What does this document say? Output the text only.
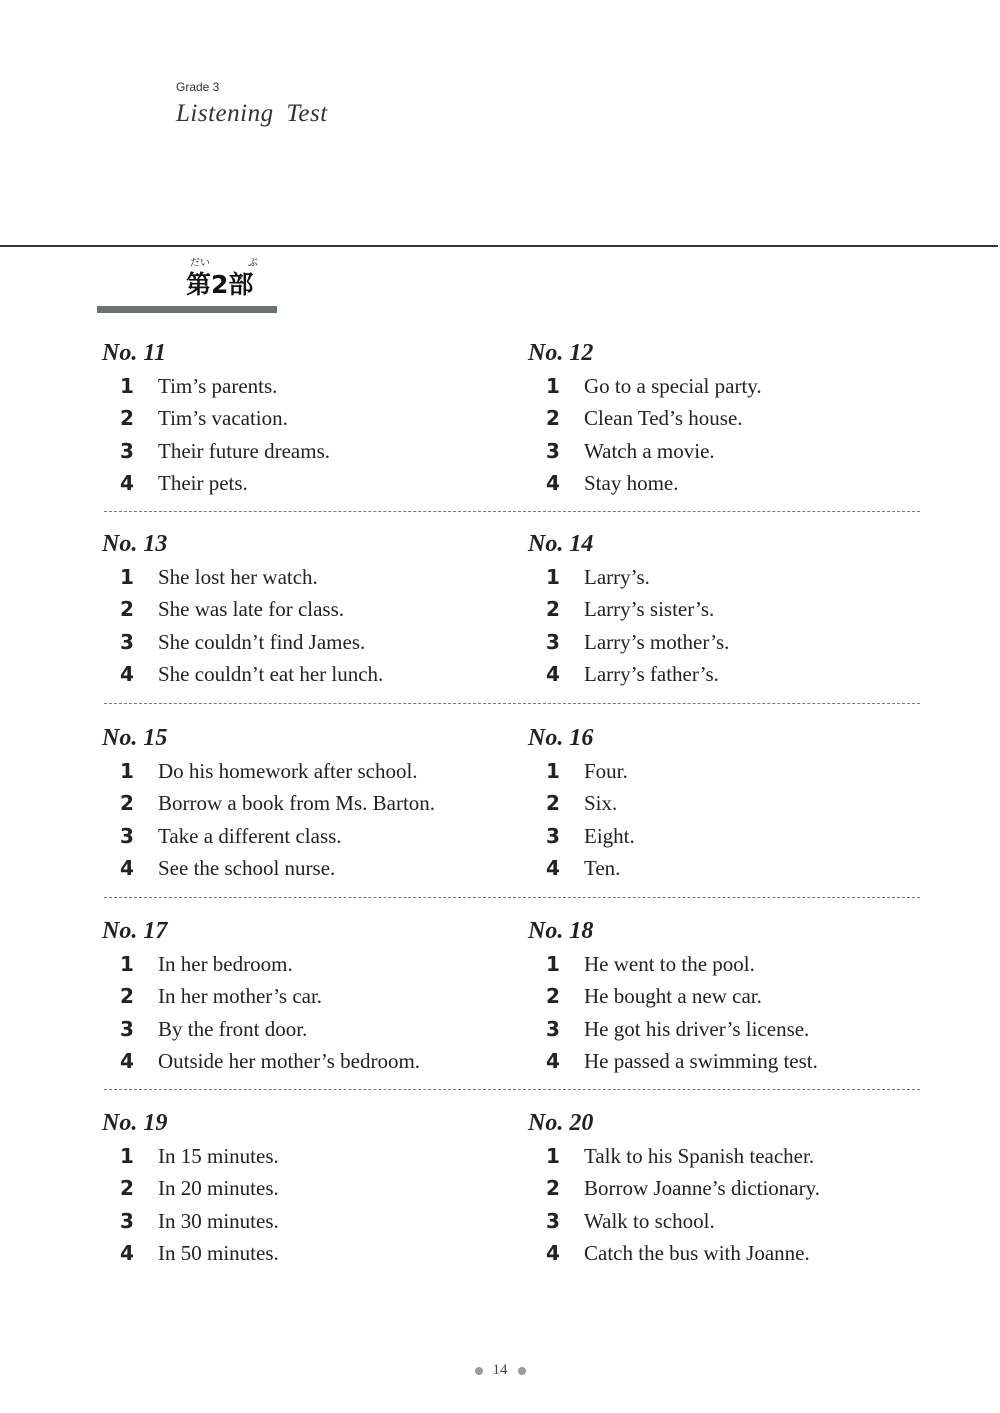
Grade 3
Listening Test
だい	ぶ
第2部
No. 11
1	Tim’s parents.
2	Tim’s vacation.
3	Their future dreams.
4	Their pets.
No. 12
1	Go to a special party.
2	Clean Ted’s house.
3	Watch a movie.
4	Stay home.
No. 13
1	She lost her watch.
2	She was late for class.
3	She couldn’t find James.
4	She couldn’t eat her lunch.
No. 14
1	Larry’s.
2	Larry’s sister’s.
3	Larry’s mother’s.
4	Larry’s father’s.
No. 15
1	Do his homework after school.
2	Borrow a book from Ms. Barton.
3	Take a different class.
4	See the school nurse.
No. 16
1	Four.
2	Six.
3	Eight.
4	Ten.
No. 17
1	In her bedroom.
2	In her mother’s car.
3	By the front door.
4	Outside her mother’s bedroom.
No. 18
1	He went to the pool.
2	He bought a new car.
3	He got his driver’s license.
4	He passed a swimming test.
No. 19
1	In 15 minutes.
2	In 20 minutes.
3	In 30 minutes.
4	In 50 minutes.
No. 20
1	Talk to his Spanish teacher.
2	Borrow Joanne’s dictionary.
3	Walk to school.
4	Catch the bus with Joanne.
14
